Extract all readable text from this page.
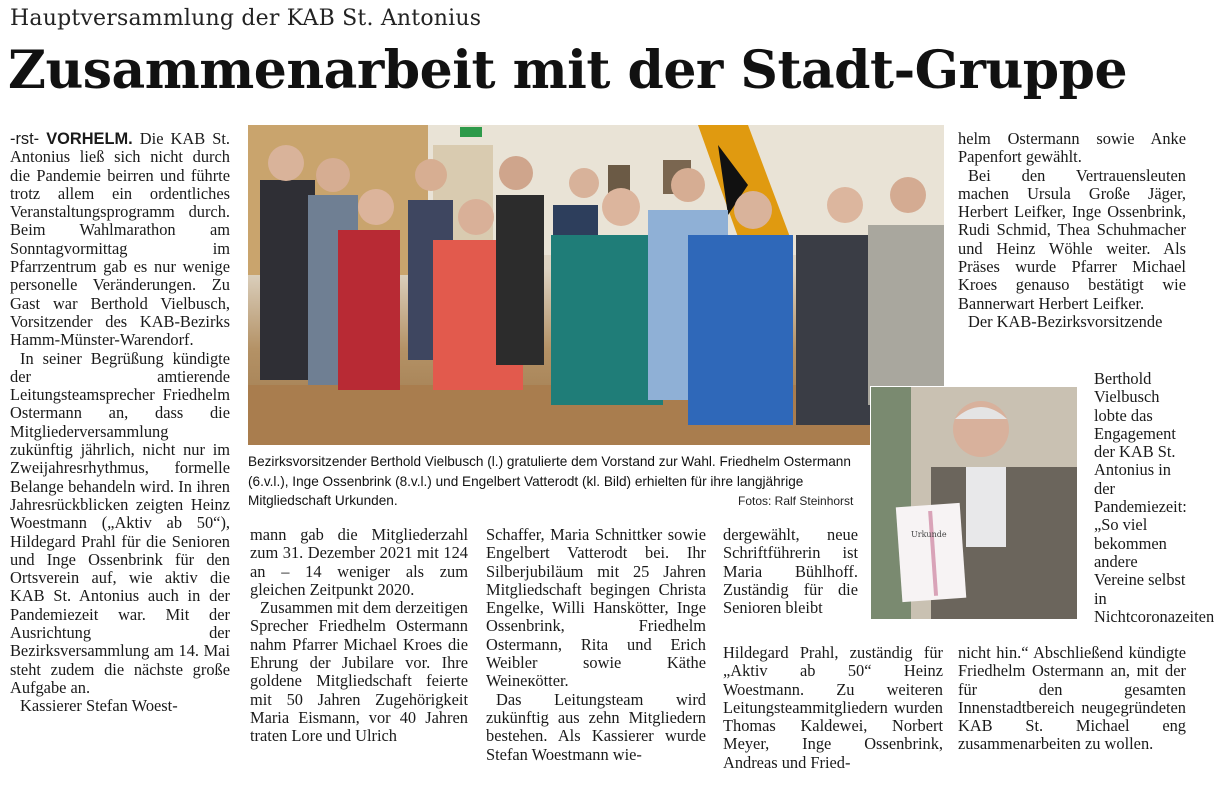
Hauptversammlung der KAB St. Antonius
Zusammenarbeit mit der Stadt-Gruppe

-rst- VORHELM. Die KAB St. Antonius ließ sich nicht durch die Pandemie beirren und führte trotz allem ein ordentliches Veranstaltungsprogramm durch. Beim Wahlmarathon am Sonntagvormittag im Pfarrzentrum gab es nur wenige personelle Veränderungen. Zu Gast war Berthold Vielbusch, Vorsitzender des KAB-Bezirks Hamm-Münster-Warendorf.

In seiner Begrüßung kündigte der amtierende Leitungsteamsprecher Friedhelm Ostermann an, dass die Mitgliederversammlung zukünftig jährlich, nicht nur im Zweijahresrhythmus, formelle Belange behandeln wird. In ihren Jahresrückblicken zeigten Heinz Woestmann („Aktiv ab 50“), Hildegard Prahl für die Senioren und Inge Ossenbrink für den Ortsverein auf, wie aktiv die KAB St. Antonius auch in der Pandemiezeit war. Mit der Ausrichtung der Bezirksversammlung am 14. Mai steht zudem die nächste große Aufgabe an.

Kassierer Stefan Woest-

Urkunde
Bezirksvorsitzender Berthold Vielbusch (l.) gratulierte dem Vorstand zur Wahl. Friedhelm Ostermann (6.v.l.), Inge Ossenbrink (8.v.l.) und Engelbert Vatterodt (kl. Bild) erhielten für ihre langjährige Mitgliedschaft Urkunden.	Fotos: Ralf Steinhorst

mann gab die Mitgliederzahl zum 31. Dezember 2021 mit 124 an – 14 weniger als zum gleichen Zeitpunkt 2020.

Zusammen mit dem derzeitigen Sprecher Friedhelm Ostermann nahm Pfarrer Michael Kroes die Ehrung der Jubilare vor. Ihre goldene Mitgliedschaft feierte mit 50 Jahren Zugehörigkeit Maria Eismann, vor 40 Jahren traten Lore und Ulrich

Schaffer, Maria Schnittker sowie Engelbert Vatterodt bei. Ihr Silberjubiläum mit 25 Jahren Mitgliedschaft begingen Christa Engelke, Willi Hanskötter, Inge Ossenbrink, Friedhelm Ostermann, Rita und Erich Weibler sowie Käthe Weineкötter.

Das Leitungsteam wird zukünftig aus zehn Mitgliedern bestehen. Als Kassierer wurde Stefan Woestmann wie-

dergewählt, neue Schriftführerin ist Maria Bühlhoff. Zuständig für die Senioren bleibt

Hildegard Prahl, zuständig für „Aktiv ab 50“ Heinz Woestmann. Zu weiteren Leitungsteammitgliedern wurden Thomas Kaldewei, Norbert Meyer, Inge Ossenbrink, Andreas und Fried-

helm Ostermann sowie Anke Papenfort gewählt.

Bei den Vertrauensleuten machen Ursula Große Jäger, Herbert Leifker, Inge Ossenbrink, Rudi Schmid, Thea Schuhmacher und Heinz Wöhle weiter. Als Präses wurde Pfarrer Michael Kroes genauso bestätigt wie Bannerwart Herbert Leifker.

Der KAB-Bezirksvorsitzende

Berthold Vielbusch lobte das Engagement der KAB St. Antonius in der Pandemiezeit: „So viel bekommen andere Vereine selbst in Nichtcoronazeiten

nicht hin.“ Abschließend kündigte Friedhelm Ostermann an, mit der für den gesamten Innenstadtbereich neugegründeten KAB St. Michael eng zusammenarbeiten zu wollen.
